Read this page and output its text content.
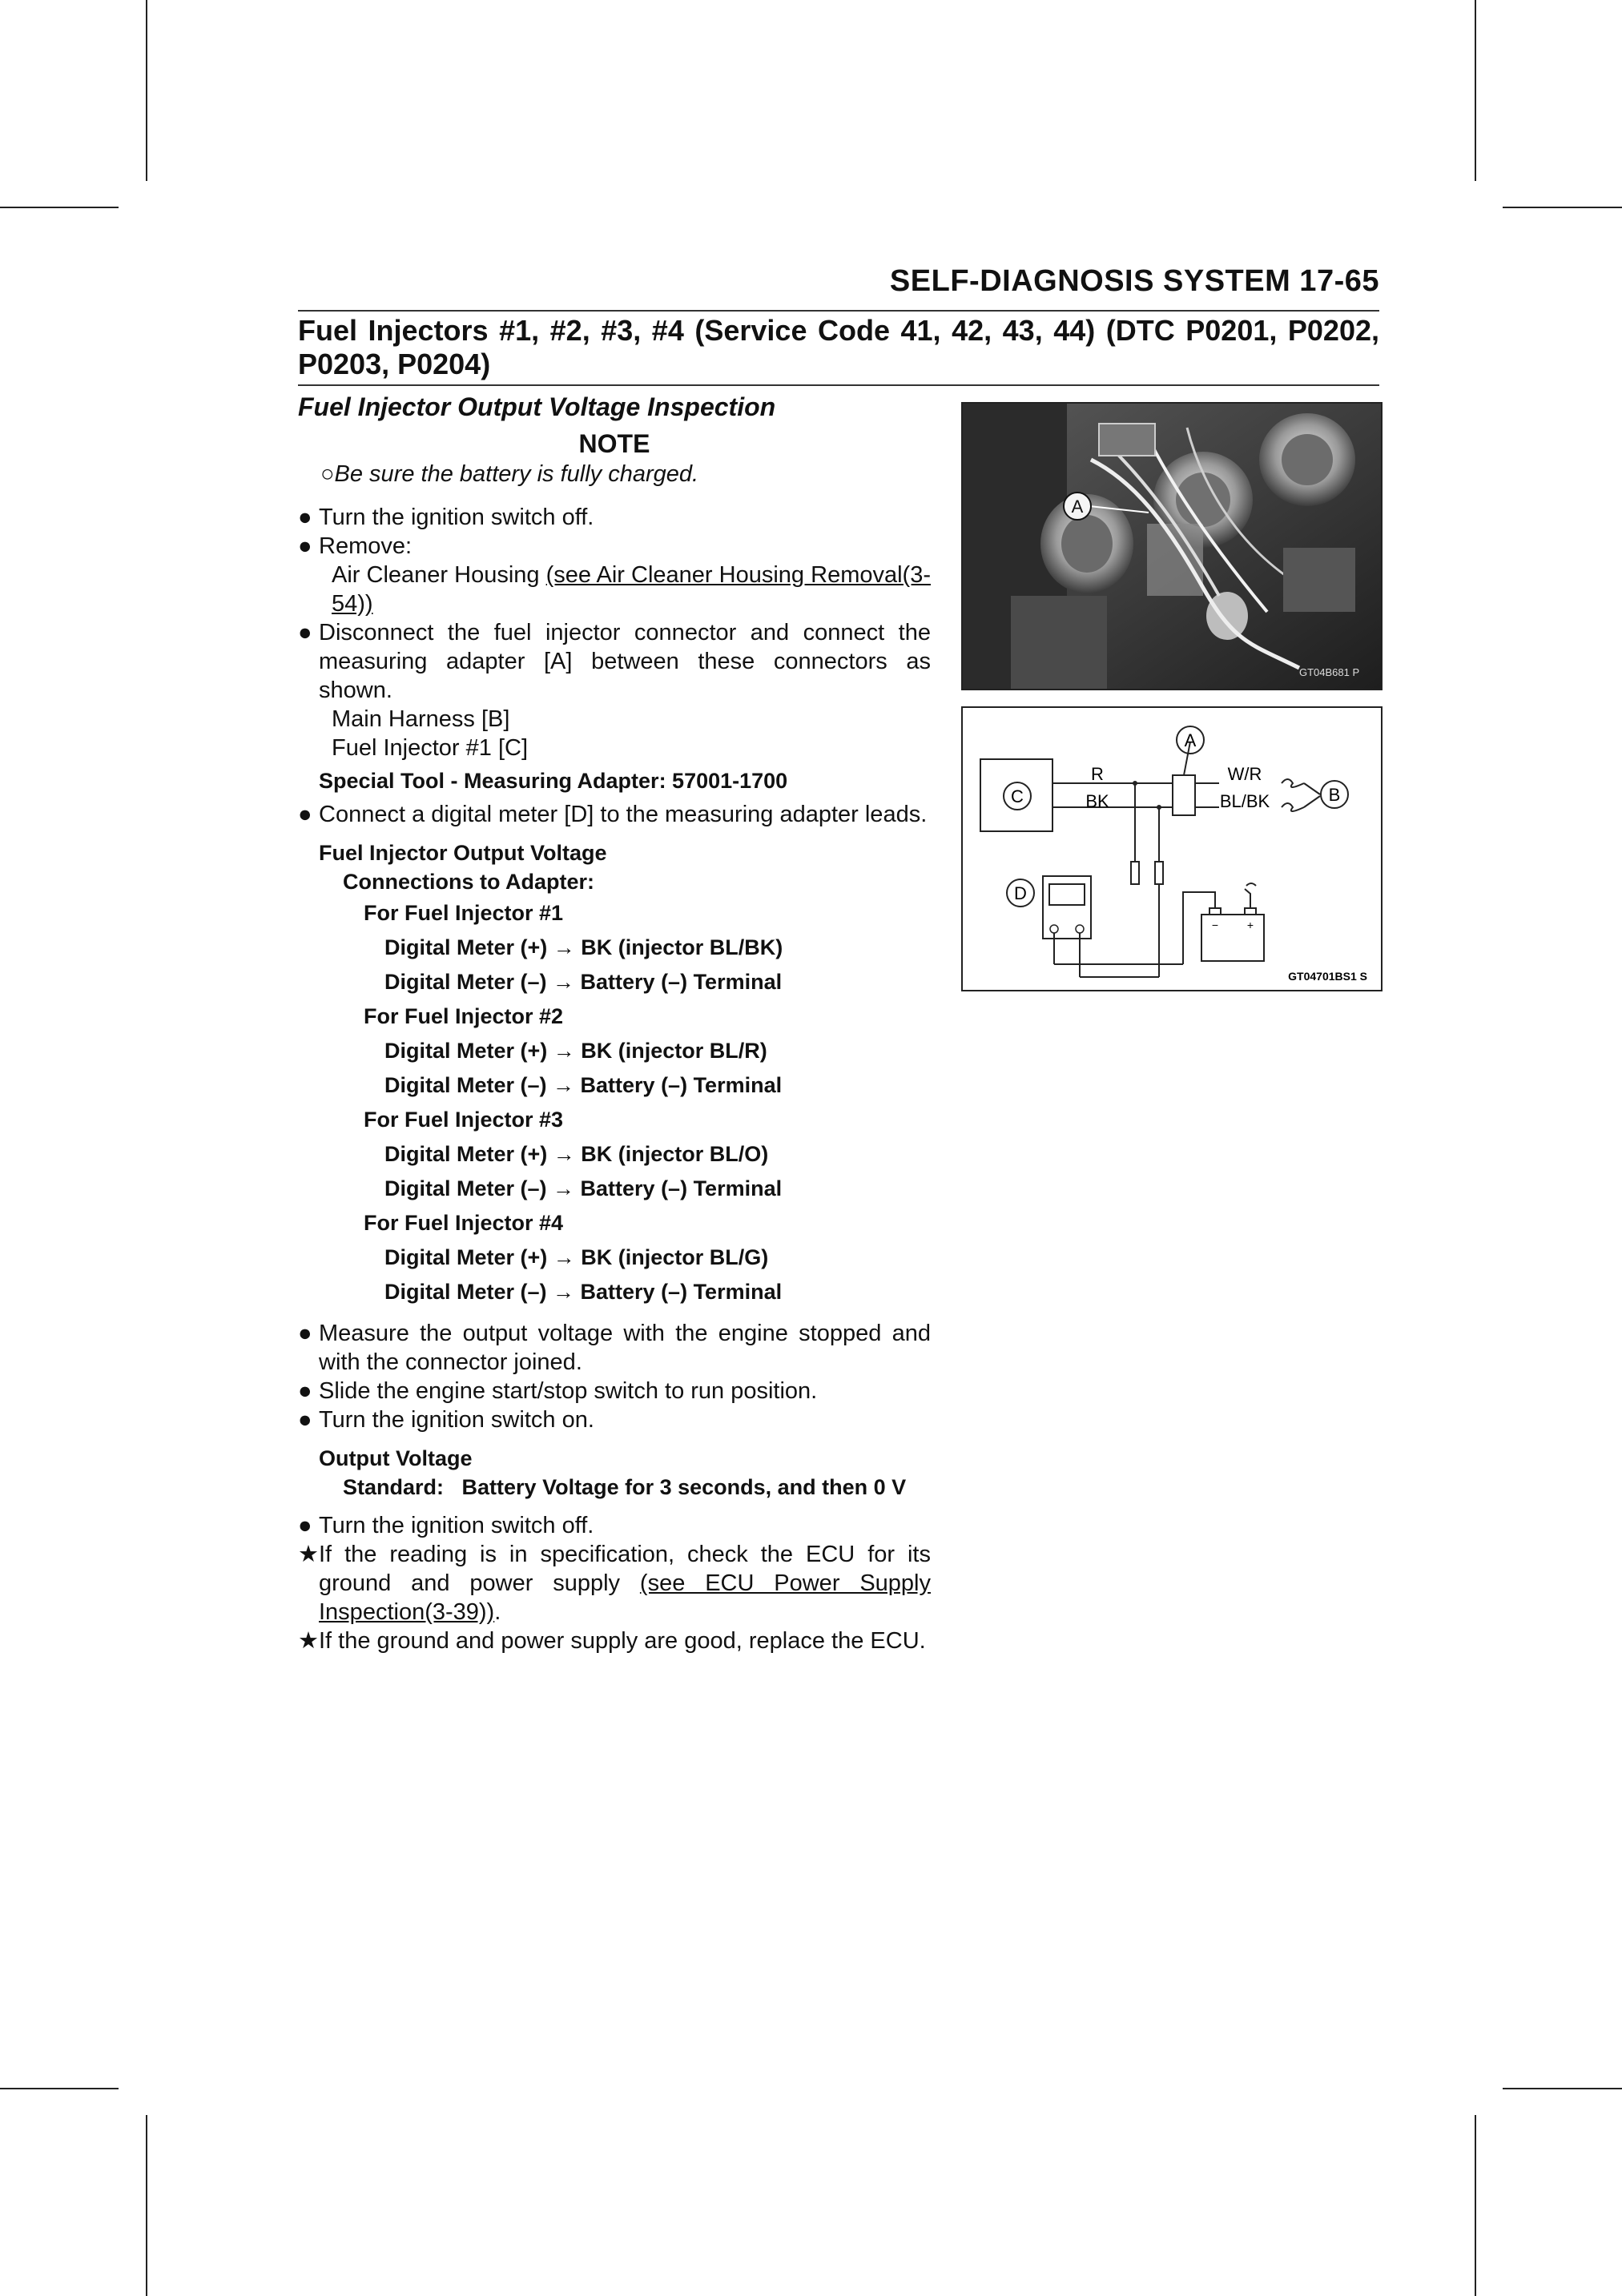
SELF-DIAGNOSIS SYSTEM 17-65
Fuel Injectors #1, #2, #3, #4 (Service Code 41, 42, 43, 44) (DTC P0201, P0202, P0203, P0204)
Fuel Injector Output Voltage Inspection
NOTE
○Be sure the battery is fully charged.
● Turn the ignition switch off.
● Remove:
Air Cleaner Housing (see Air Cleaner Housing Removal(3-54))
● Disconnect the fuel injector connector and connect the measuring adapter [A] between these connectors as shown.
Main Harness [B]
Fuel Injector #1 [C]
Special Tool - Measuring Adapter: 57001-1700
● Connect a digital meter [D] to the measuring adapter leads.
Fuel Injector Output Voltage
Connections to Adapter:
For Fuel Injector #1
Digital Meter (+) → BK (injector BL/BK)
Digital Meter (–) → Battery (–) Terminal
For Fuel Injector #2
Digital Meter (+) → BK (injector BL/R)
Digital Meter (–) → Battery (–) Terminal
For Fuel Injector #3
Digital Meter (+) → BK (injector BL/O)
Digital Meter (–) → Battery (–) Terminal
For Fuel Injector #4
Digital Meter (+) → BK (injector BL/G)
Digital Meter (–) → Battery (–) Terminal
● Measure the output voltage with the engine stopped and with the connector joined.
● Slide the engine start/stop switch to run position.
● Turn the ignition switch on.
Output Voltage
Standard: Battery Voltage for 3 seconds, and then 0 V
● Turn the ignition switch off.
★ If the reading is in specification, check the ECU for its ground and power supply (see ECU Power Supply Inspection(3-39)).
★ If the ground and power supply are good, replace the ECU.
A
GT04B681 P
C
R
BK
A
W/R
BL/BK	B
D
−	+
GT04701BS1 S
